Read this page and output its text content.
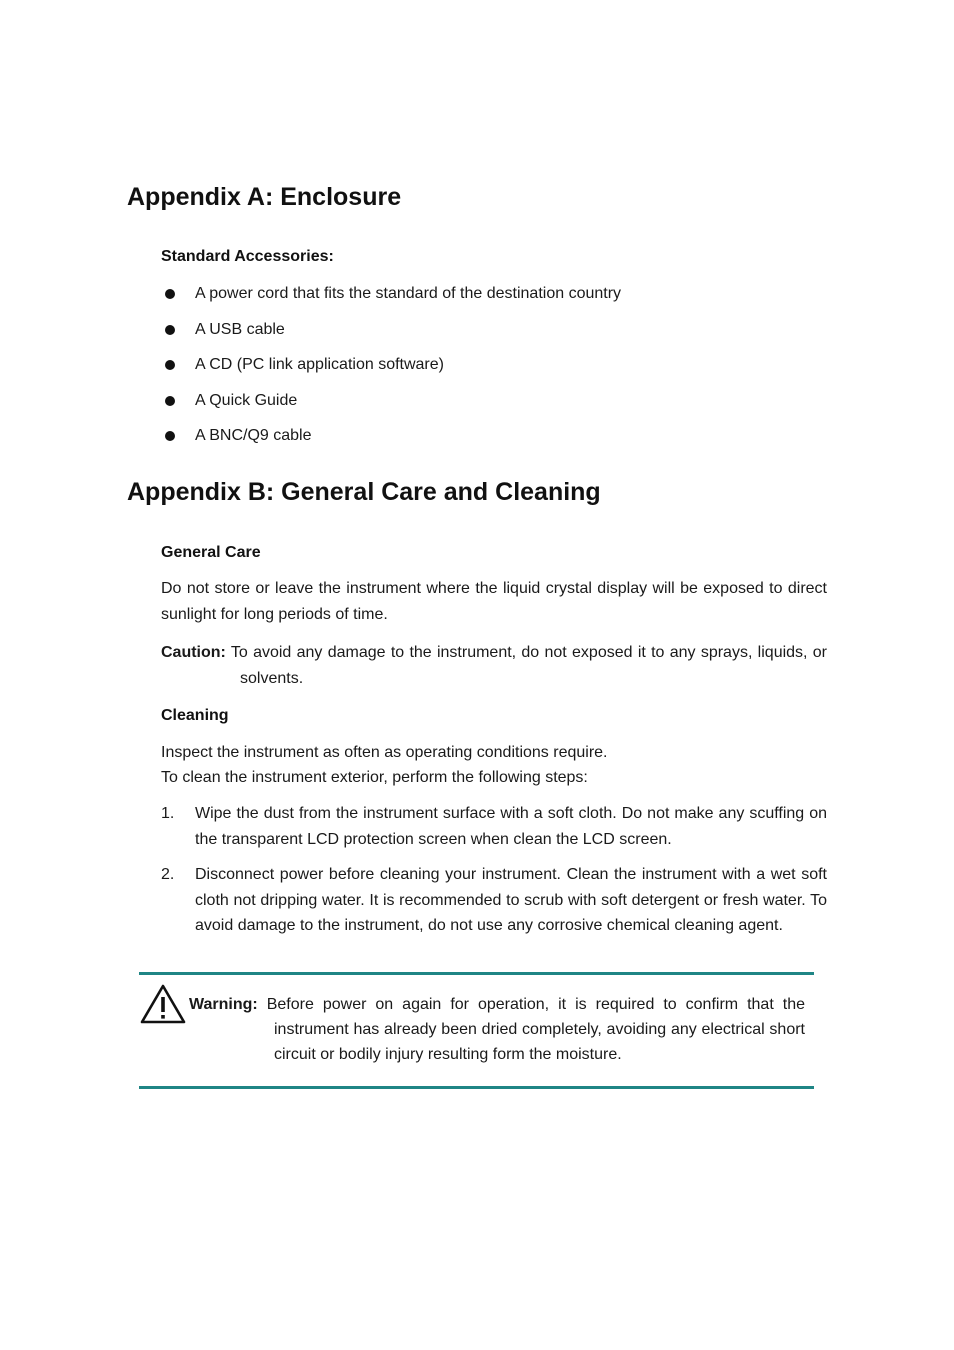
Appendix A: Enclosure
Standard Accessories:
A power cord that fits the standard of the destination country
A USB cable
A CD (PC link application software)
A Quick Guide
A BNC/Q9 cable
Appendix B: General Care and Cleaning
General Care
Do not store or leave the instrument where the liquid crystal display will be exposed to direct sunlight for long periods of time.
Caution: To avoid any damage to the instrument, do not exposed it to any sprays, liquids, or solvents.
Cleaning
Inspect the instrument as often as operating conditions require.
To clean the instrument exterior, perform the following steps:
1. Wipe the dust from the instrument surface with a soft cloth. Do not make any scuffing on the transparent LCD protection screen when clean the LCD screen.
2. Disconnect power before cleaning your instrument. Clean the instrument with a wet soft cloth not dripping water. It is recommended to scrub with soft detergent or fresh water. To avoid damage to the instrument, do not use any corrosive chemical cleaning agent.
Warning: Before power on again for operation, it is required to confirm that the instrument has already been dried completely, avoiding any electrical short circuit or bodily injury resulting form the moisture.
